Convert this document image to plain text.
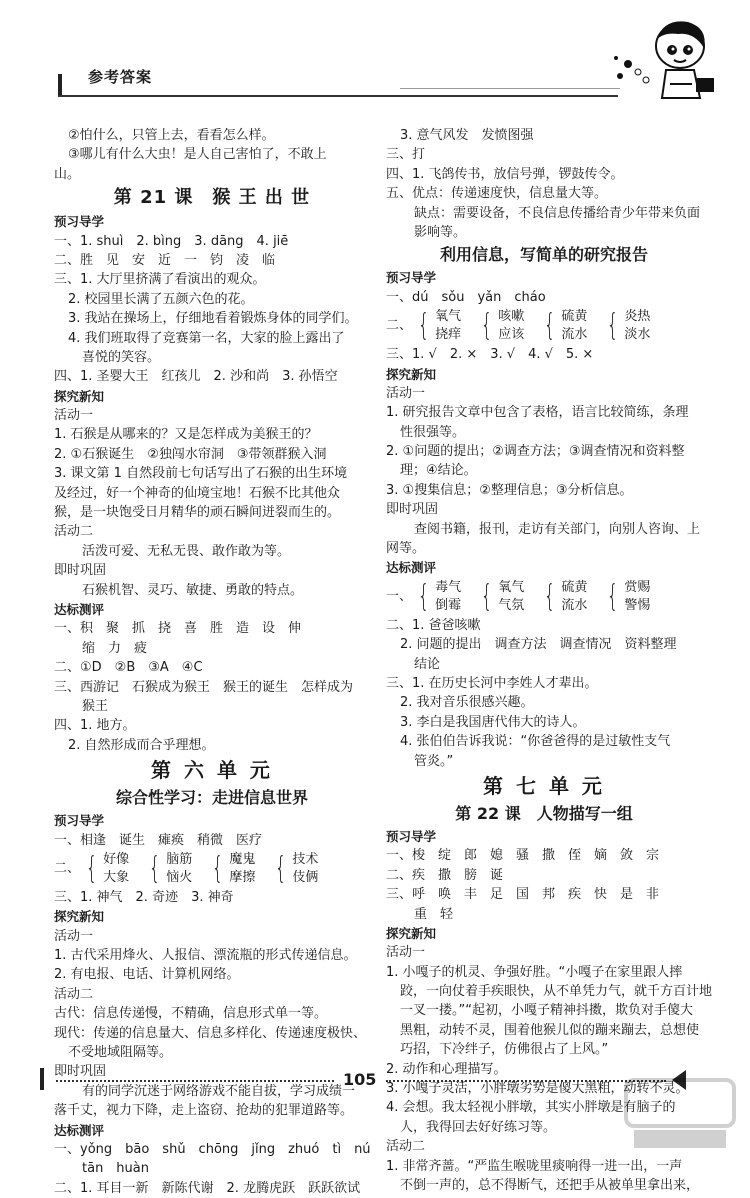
参考答案
②怕什么，只管上去，看看怎么样。
③哪儿有什么大虫！是人自己害怕了，不敢上
山。
第 21 课　猴 王 出 世
预习导学
一、1. shuì　2. bìng　3. dāng　4. jiē
二、胜　见　安　近　一　钧　凌　临
三、1. 大厅里挤满了看演出的观众。
2. 校园里长满了五颜六色的花。
3. 我站在操场上，仔细地看着锻炼身体的同学们。
4. 我们班取得了竞赛第一名，大家的脸上露出了
喜悦的笑容。
四、1. 圣婴大王　红孩儿　2. 沙和尚　3. 孙悟空
探究新知
活动一
1. 石猴是从哪来的？又是怎样成为美猴王的？
2. ①石猴诞生　②独闯水帘洞　③带领群猴入洞
3. 课文第 1 自然段前七句话写出了石猴的出生环境
及经过，好一个神奇的仙境宝地！石猴不比其他众
猴，是一块饱受日月精华的顽石瞬间迸裂而生的。
活动二
活泼可爱、无私无畏、敢作敢为等。
即时巩固
石猴机智、灵巧、敏捷、勇敢的特点。
达标测评
一、积　聚　抓　挠　喜　胜　造　设　伸
缩　力　疲
二、①D　②B　③A　④C
三、西游记　石猴成为猴王　猴王的诞生　怎样成为
猴王
四、1. 地方。
2. 自然形成而合乎理想。
第 六 单 元
综合性学习：走进信息世界
预习导学
一、相逢　诞生　瘫痪　稍微　医疗
二、 { 好像
大象 { 脑筋
恼火 { 魔鬼
摩擦 { 技术
伎俩
三、1. 神气　2. 奇迹　3. 神奇
探究新知
活动一
1. 古代采用烽火、人报信、漂流瓶的形式传递信息。
2. 有电报、电话、计算机网络。
活动二
古代：信息传递慢，不精确，信息形式单一等。
现代：传递的信息量大、信息多样化、传递速度极快、
不受地域阻隔等。
即时巩固
有的同学沉迷于网络游戏不能自拔，学习成绩一
落千丈，视力下降，走上盗窃、抢劫的犯罪道路等。
达标测评
一、yǒng　bāo　shǔ　chōng　jǐng　zhuó　tì　nú
tān　huàn
二、1. 耳目一新　新陈代谢　2. 龙腾虎跃　跃跃欲试
3. 意气风发　发愤图强
三、打
四、1. 飞鸽传书，放信号弹，锣鼓传令。
五、优点：传递速度快，信息量大等。
缺点：需要设备，不良信息传播给青少年带来负面
影响等。
利用信息，写简单的研究报告
预习导学
一、dú　sǒu　yǎn　cháo
二、 { 氧气
挠痒 { 咳嗽
应该 { 硫黄
流水 { 炎热
淡水
三、1. √　2. ×　3. √　4. √　5. ×
探究新知
活动一
1. 研究报告文章中包含了表格，语言比较简练，条理
性很强等。
2. ①问题的提出；②调查方法；③调查情况和资料整
理；④结论。
3. ①搜集信息；②整理信息；③分析信息。
即时巩固
查阅书籍，报刊，走访有关部门，向别人咨询、上
网等。
达标测评
一、 { 毒气
倒霉 { 氧气
气氛 { 硫黄
流水 { 赏赐
警惕
二、1. 爸爸咳嗽
2. 问题的提出　调查方法　调查情况　资料整理
结论
三、1. 在历史长河中李姓人才辈出。
2. 我对音乐很感兴趣。
3. 李白是我国唐代伟大的诗人。
4. 张伯伯告诉我说：“你爸爸得的是过敏性支气
管炎。”
第 七 单 元
第 22 课　人物描写一组
预习导学
一、梭　绽　郎　媳　骚　撒　侄　嫡　敛　宗
二、疾　撒　膀　诞
三、呼　唤　丰　足　国　邦　疾　快　是　非
重　轻
探究新知
活动一
1. 小嘎子的机灵、争强好胜。“小嘎子在家里跟人摔
跤，一向仗着手疾眼快，从不单凭力气，就千方百计地
一叉一搂。”“起初，小嘎子精神抖擞，欺负对手傻大
黑粗，动转不灵，围着他猴儿似的蹦来蹦去，总想使
巧招，下冷绊子，仿佛很占了上风。”
2. 动作和心理描写。
3. 小嘎子灵活，小胖墩劣势是傻大黑粗，动转不灵。
4. 会想。我太轻视小胖墩，其实小胖墩是有脑子的
人，我得回去好好练习等。
活动二
1. 非常齐蔷。“严监生喉咙里痰响得一进一出，一声
不倒一声的，总不得断气，还把手从被单里拿出来，
105
